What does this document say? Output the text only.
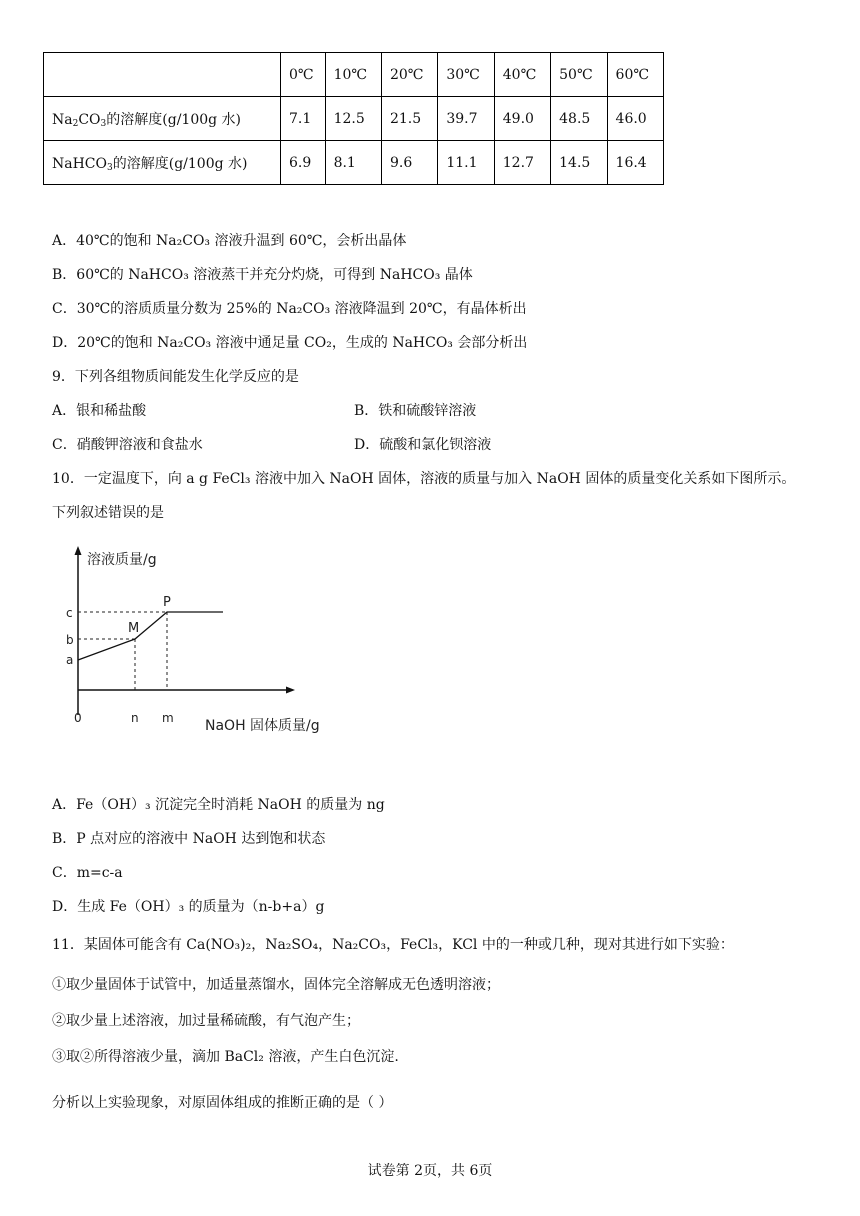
	0℃	10℃	20℃	30℃	40℃	50℃	60℃
$Na_2CO_3$的溶解度(g/100g 水)	7.1	12.5	21.5	39.7	49.0	48.5	46.0
NaHCO$_3$的溶解度(g/100g 水)	6.9	8.1	9.6	11.1	12.7	14.5	16.4
A．40℃的饱和 Na₂CO₃ 溶液升温到 60℃，会析出晶体
B．60℃的 NaHCO₃ 溶液蒸干并充分灼烧，可得到 NaHCO₃ 晶体
C．30℃的溶质质量分数为 25%的 Na₂CO₃ 溶液降温到 20℃，有晶体析出
D．20℃的饱和 Na₂CO₃ 溶液中通足量 CO₂，生成的 NaHCO₃ 会部分析出
9．下列各组物质间能发生化学反应的是
A．银和稀盐酸	B．铁和硫酸锌溶液
C．硝酸钾溶液和食盐水	D．硫酸和氯化钡溶液
10．一定温度下，向 a g FeCl₃ 溶液中加入 NaOH 固体，溶液的质量与加入 NaOH 固体的质量变化关系如下图所示。
下列叙述错误的是
溶液质量/g
NaOH 固体质量/g
0
c
b
a
n m
M
P
A．Fe（OH）₃ 沉淀完全时消耗 NaOH 的质量为 ng
B．P 点对应的溶液中 NaOH 达到饱和状态
C．m=c-a
D．生成 Fe（OH）₃ 的质量为（n-b+a）g
11．某固体可能含有 Ca(NO₃)₂，Na₂SO₄，Na₂CO₃，FeCl₃，KCl 中的一种或几种，现对其进行如下实验：
①取少量固体于试管中，加适量蒸馏水，固体完全溶解成无色透明溶液；
②取少量上述溶液，加过量稀硫酸，有气泡产生；
③取②所得溶液少量，滴加 BaCl₂ 溶液，产生白色沉淀.
分析以上实验现象，对原固体组成的推断正确的是（ ）
试卷第 2页，共 6页
